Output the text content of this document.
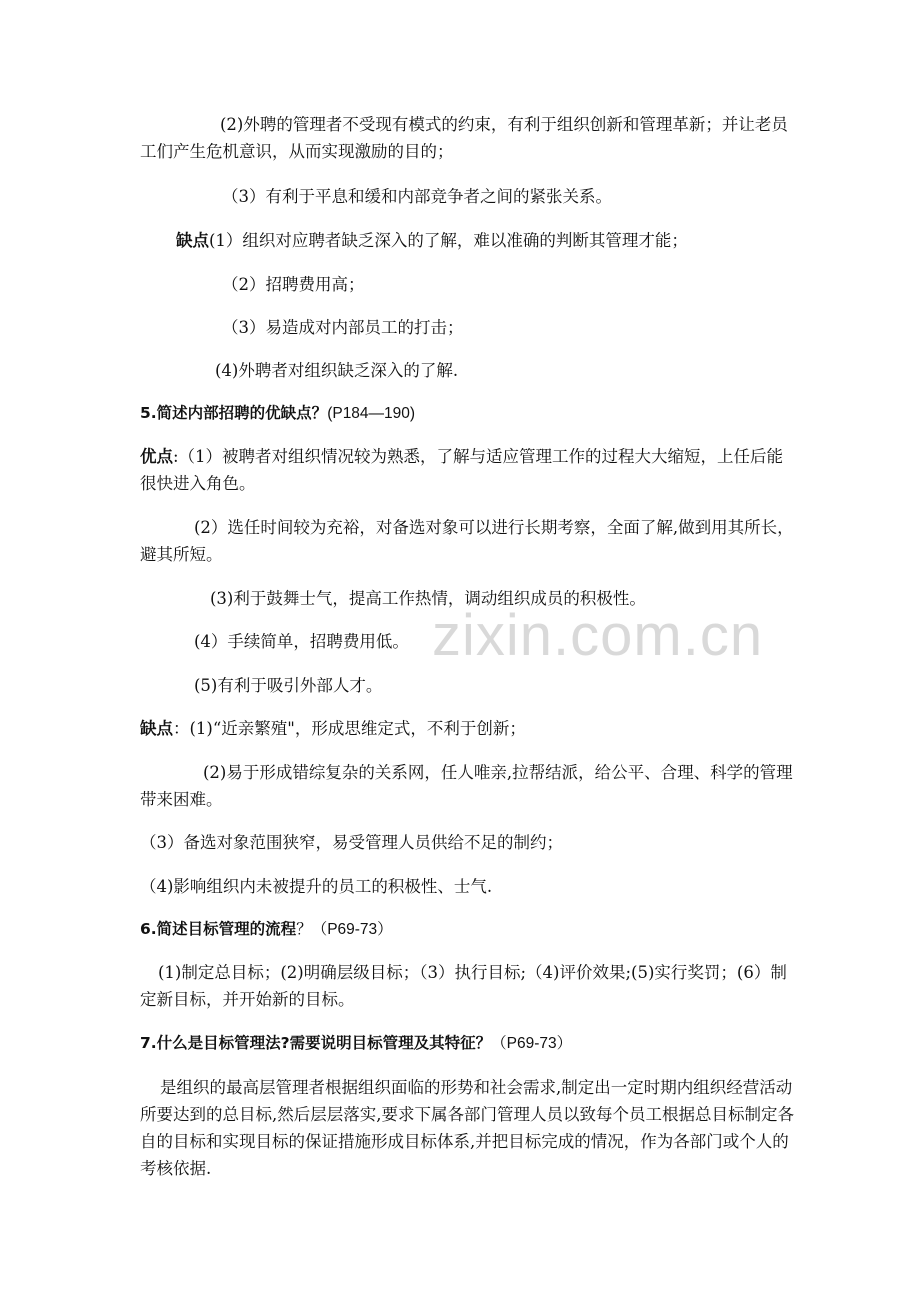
zixin.com.cn
(2)外聘的管理者不受现有模式的约束，有利于组织创新和管理革新；并让老员工们产生危机意识，从而实现激励的目的；
（3）有利于平息和缓和内部竞争者之间的紧张关系。
缺点(1）组织对应聘者缺乏深入的了解，难以准确的判断其管理才能；
（2）招聘费用高；
（3）易造成对内部员工的打击；
(4)外聘者对组织缺乏深入的了解.
5.简述内部招聘的优缺点？(P184—190)
优点:（1）被聘者对组织情况较为熟悉，了解与适应管理工作的过程大大缩短，上任后能很快进入角色。
(2）选任时间较为充裕，对备选对象可以进行长期考察，全面了解,做到用其所长，避其所短。
(3)利于鼓舞士气，提高工作热情，调动组织成员的积极性。
(4）手续简单，招聘费用低。
(5)有利于吸引外部人才。
缺点：(1)“近亲繁殖"，形成思维定式，不利于创新；
(2)易于形成错综复杂的关系网，任人唯亲,拉帮结派，给公平、合理、科学的管理带来困难。
（3）备选对象范围狭窄，易受管理人员供给不足的制约；
（4)影响组织内未被提升的员工的积极性、士气.
6.简述目标管理的流程？（P69-73）
(1)制定总目标；(2)明确层级目标；（3）执行目标;（4)评价效果;(5)实行奖罚；(6）制定新目标，并开始新的目标。
7.什么是目标管理法?需要说明目标管理及其特征？（P69-73）
是组织的最高层管理者根据组织面临的形势和社会需求,制定出一定时期内组织经营活动所要达到的总目标,然后层层落实,要求下属各部门管理人员以致每个员工根据总目标制定各自的目标和实现目标的保证措施形成目标体系,并把目标完成的情况，作为各部门或个人的考核依据.
